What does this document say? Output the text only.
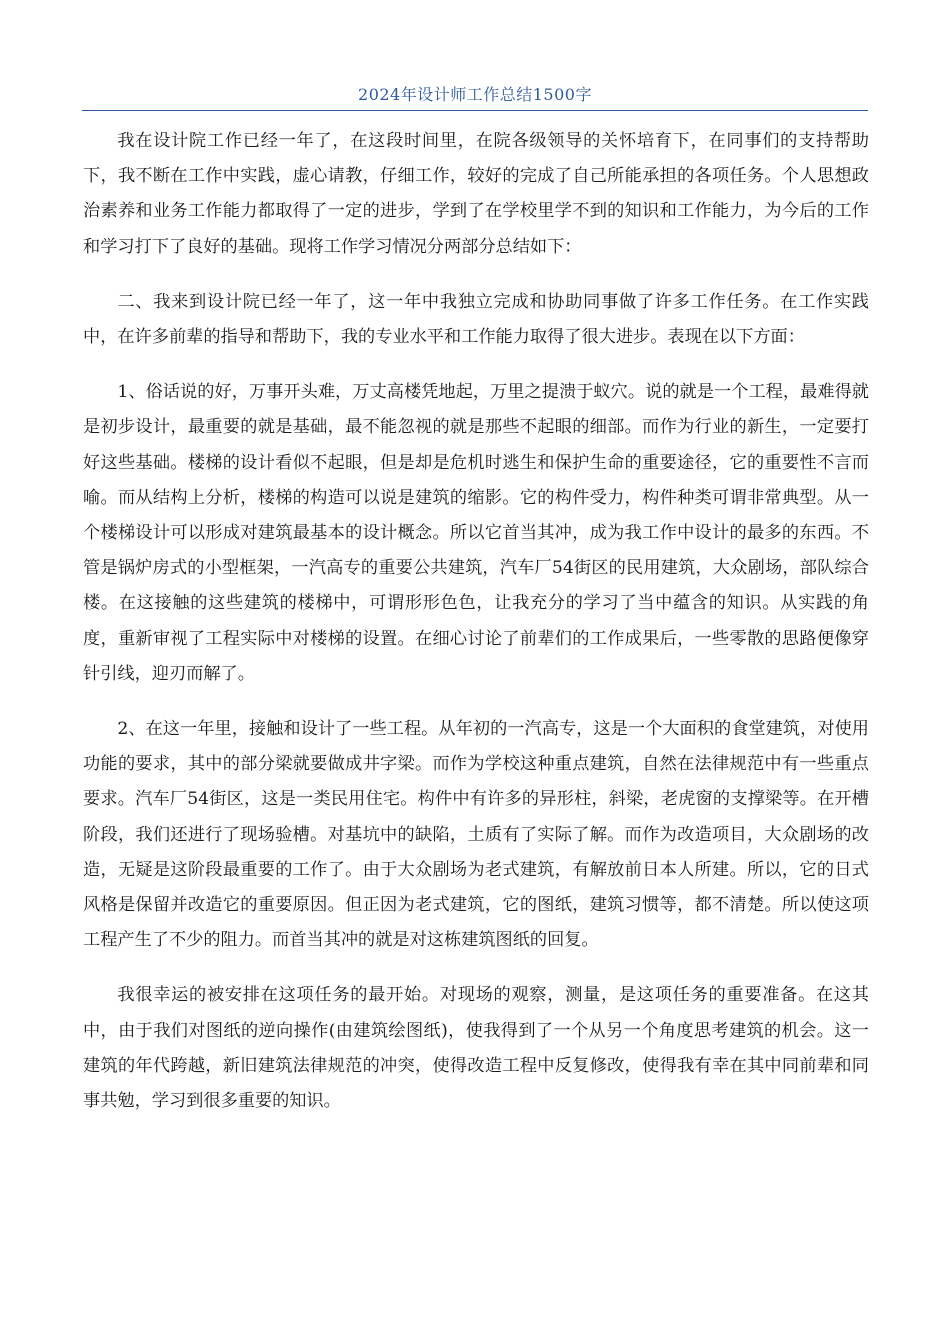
2024年设计师工作总结1500字

我在设计院工作已经一年了，在这段时间里，在院各级领导的关怀培育下，在同事们的支持帮助下，我不断在工作中实践，虚心请教，仔细工作，较好的完成了自己所能承担的各项任务。个人思想政治素养和业务工作能力都取得了一定的进步，学到了在学校里学不到的知识和工作能力，为今后的工作和学习打下了良好的基础。现将工作学习情况分两部分总结如下：

二、我来到设计院已经一年了，这一年中我独立完成和协助同事做了许多工作任务。在工作实践中，在许多前辈的指导和帮助下，我的专业水平和工作能力取得了很大进步。表现在以下方面：

1、俗话说的好，万事开头难，万丈高楼凭地起，万里之提溃于蚁穴。说的就是一个工程，最难得就是初步设计，最重要的就是基础，最不能忽视的就是那些不起眼的细部。而作为行业的新生，一定要打好这些基础。楼梯的设计看似不起眼，但是却是危机时逃生和保护生命的重要途径，它的重要性不言而喻。而从结构上分析，楼梯的构造可以说是建筑的缩影。它的构件受力，构件种类可谓非常典型。从一个楼梯设计可以形成对建筑最基本的设计概念。所以它首当其冲，成为我工作中设计的最多的东西。不管是锅炉房式的小型框架，一汽高专的重要公共建筑，汽车厂54街区的民用建筑，大众剧场，部队综合楼。在这接触的这些建筑的楼梯中，可谓形形色色，让我充分的学习了当中蕴含的知识。从实践的角度，重新审视了工程实际中对楼梯的设置。在细心讨论了前辈们的工作成果后，一些零散的思路便像穿针引线，迎刃而解了。

2、在这一年里，接触和设计了一些工程。从年初的一汽高专，这是一个大面积的食堂建筑，对使用功能的要求，其中的部分梁就要做成井字梁。而作为学校这种重点建筑，自然在法律规范中有一些重点要求。汽车厂54街区，这是一类民用住宅。构件中有许多的异形柱，斜梁，老虎窗的支撑梁等。在开槽阶段，我们还进行了现场验槽。对基坑中的缺陷，土质有了实际了解。而作为改造项目，大众剧场的改造，无疑是这阶段最重要的工作了。由于大众剧场为老式建筑，有解放前日本人所建。所以，它的日式风格是保留并改造它的重要原因。但正因为老式建筑，它的图纸，建筑习惯等，都不清楚。所以使这项工程产生了不少的阻力。而首当其冲的就是对这栋建筑图纸的回复。

我很幸运的被安排在这项任务的最开始。对现场的观察，测量，是这项任务的重要准备。在这其中，由于我们对图纸的逆向操作(由建筑绘图纸)，使我得到了一个从另一个角度思考建筑的机会。这一建筑的年代跨越，新旧建筑法律规范的冲突，使得改造工程中反复修改，使得我有幸在其中同前辈和同事共勉，学习到很多重要的知识。
